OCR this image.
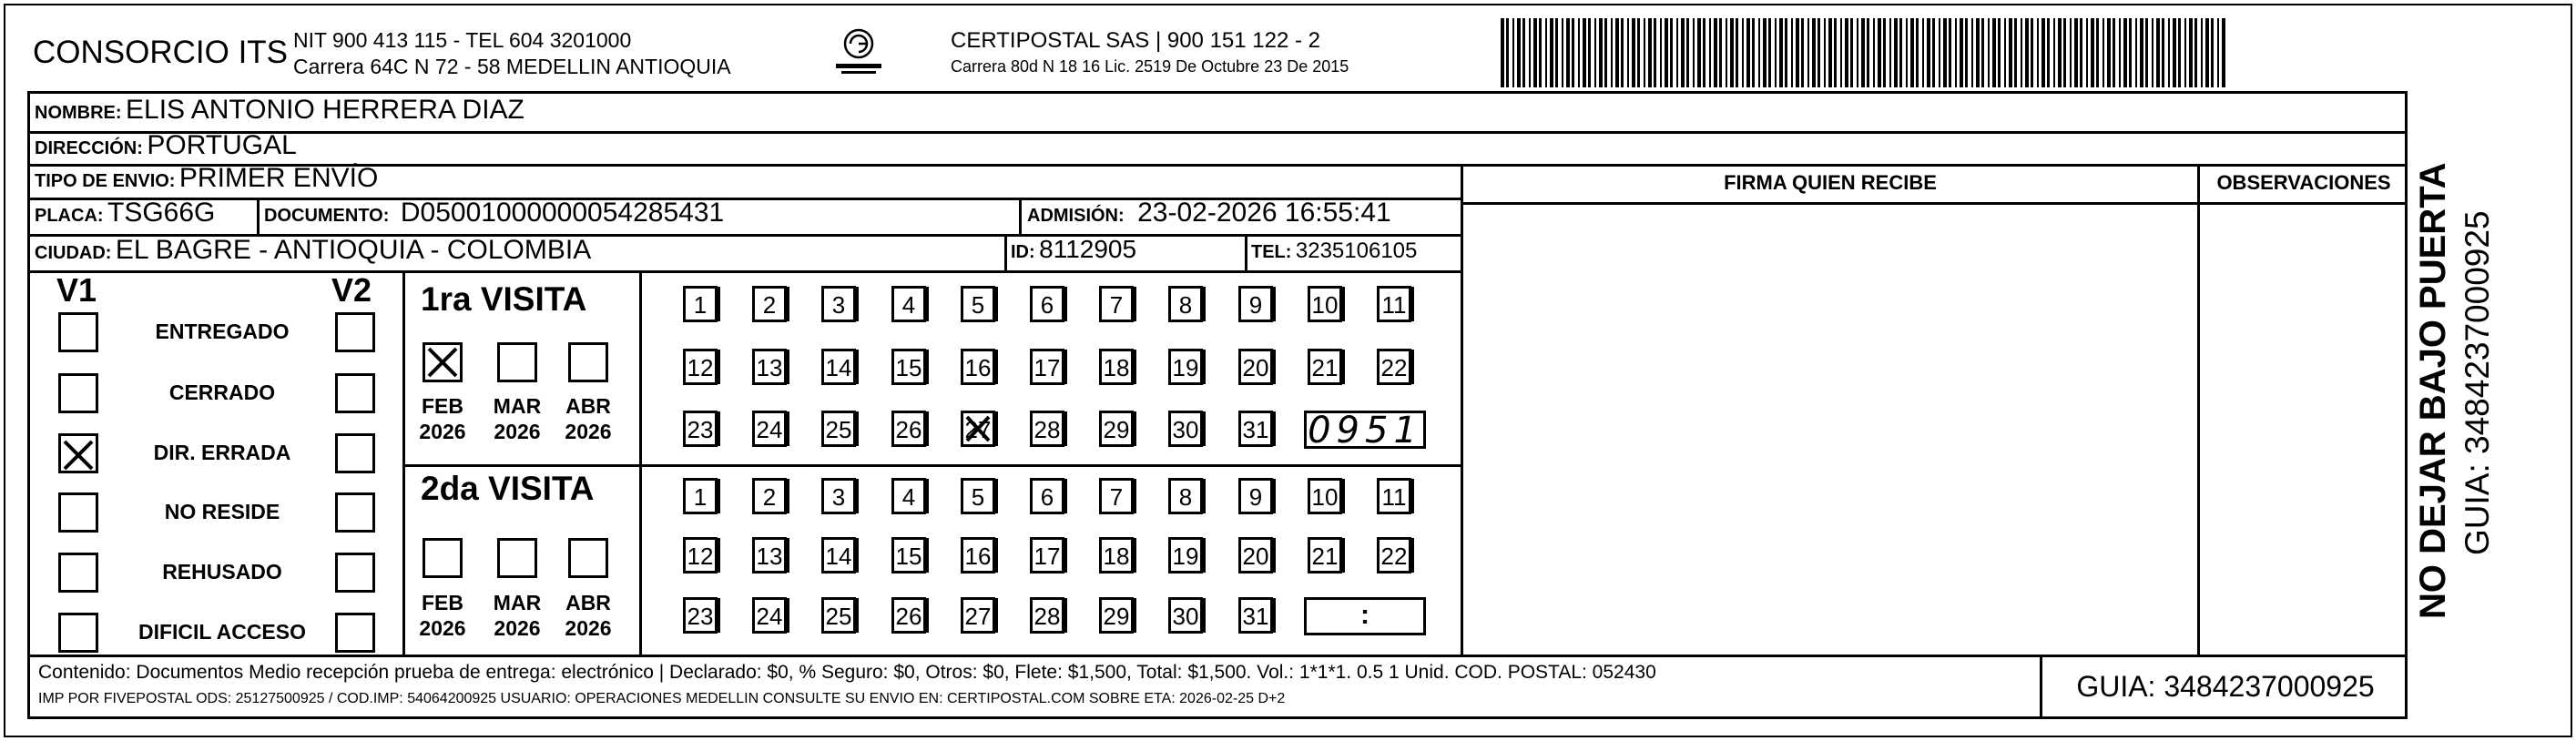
CONSORCIO ITS NIT 900 413 115 - TEL 604 3201000
Carrera 64C N 72 - 58 MEDELLIN ANTIOQUIA
CERTIPOSTAL SAS | 900 151 122 - 2
Carrera 80d N 18 16 Lic. 2519 De Octubre 23 De 2015
NOMBRE: ELIS ANTONIO HERRERA DIAZ
DIRECCIÓN: PORTUGAL
TIPO DE ENVIO: PRIMER ENVÍO
PLACA: TSG66G	DOCUMENTO: D05001000000054285431	ADMISIÓN: 23-02-2026 16:55:41
CIUDAD: EL BAGRE - ANTIOQUIA - COLOMBIA	ID: 8112905	TEL: 3235106105
FIRMA QUIEN RECIBE	OBSERVACIONES
V1	V2
ENTREGADO
CERRADO
DIR. ERRADA
NO RESIDE
REHUSADO
DIFICIL ACCESO
1ra VISITA
FEB
2026
MAR
2026
ABR
2026
1	2	3	4	5	6	7	8	9	10 11
12 13 14 15 16 17 18 19 20 21 22
23 24 25 26 27 28 29 30 31 0951
2da VISITA
FEB
2026
MAR
2026
ABR
2026
1	2	3	4	5	6	7	8	9	10 11
12 13 14 15 16 17 18 19 20 21 22
23 24 25 26 27 28 29 30 31	:
Contenido: Documentos Medio recepción prueba de entrega: electrónico | Declarado: $0, % Seguro: $0, Otros: $0, Flete: $1,500, Total: $1,500. Vol.: 1*1*1. 0.5 1 Unid. COD. POSTAL: 052430
IMP POR FIVEPOSTAL ODS: 25127500925 / COD.IMP: 54064200925 USUARIO: OPERACIONES MEDELLIN CONSULTE SU ENVIO EN: CERTIPOSTAL.COM SOBRE ETA: 2026-02-25 D+2	GUIA: 3484237000925
NO DEJAR BAJO PUERTA GUIA: 3484237000925
